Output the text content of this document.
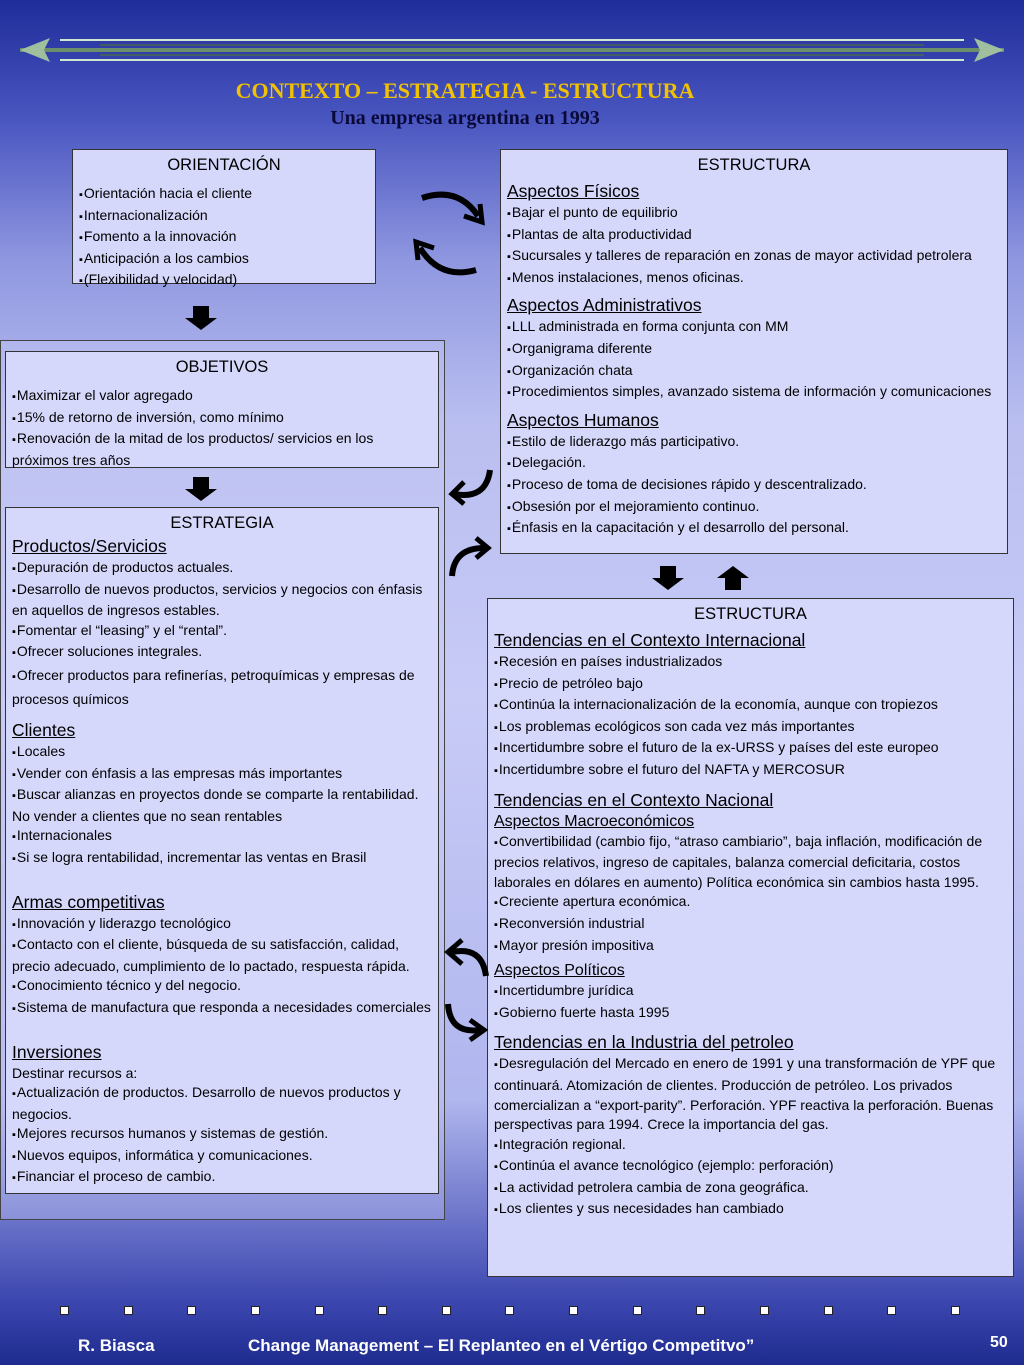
CONTEXTO – ESTRATEGIA - ESTRUCTURA
Una empresa argentina en 1993
ORIENTACIÓN
▪ Orientación hacia el cliente
▪ Internacionalización
▪ Fomento a la innovación
▪ Anticipación a los cambios
▪ (Flexibilidad y velocidad)
OBJETIVOS
▪ Maximizar el valor agregado
▪ 15% de retorno de inversión, como mínimo
▪ Renovación de la mitad de los productos/ servicios en los próximos tres años
ESTRATEGIA
Productos/Servicios
▪ Depuración de productos actuales.
▪ Desarrollo de nuevos productos, servicios y negocios con énfasis en aquellos de ingresos estables.
▪ Fomentar el “leasing” y el “rental”.
▪ Ofrecer soluciones integrales.
▪ Ofrecer productos para refinerías, petroquímicas y empresas de procesos químicos
Clientes
▪ Locales
▪ Vender con énfasis a las empresas más importantes
▪ Buscar alianzas en proyectos donde se comparte la rentabilidad. No vender a clientes que no sean rentables
▪ Internacionales
▪ Si se logra rentabilidad, incrementar las ventas en Brasil
Armas competitivas
▪ Innovación y liderazgo tecnológico
▪ Contacto con el cliente, búsqueda de su satisfacción, calidad, precio adecuado, cumplimiento de lo pactado, respuesta rápida.
▪ Conocimiento técnico y del negocio.
▪ Sistema de manufactura que responda a necesidades comerciales
Inversiones
Destinar recursos a:
▪ Actualización de productos. Desarrollo de nuevos productos y negocios.
▪ Mejores recursos humanos y sistemas de gestión.
▪ Nuevos equipos, informática y comunicaciones.
▪ Financiar el proceso de cambio.
ESTRUCTURA
Aspectos Físicos
▪ Bajar el punto de equilibrio
▪ Plantas de alta productividad
▪ Sucursales y talleres de reparación en zonas de mayor actividad petrolera
▪ Menos instalaciones, menos oficinas.
Aspectos Administrativos
▪ LLL administrada en forma conjunta con MM
▪ Organigrama diferente
▪ Organización chata
▪ Procedimientos simples, avanzado sistema de información y comunicaciones
Aspectos Humanos
▪ Estilo de liderazgo más participativo.
▪ Delegación.
▪ Proceso de toma de decisiones rápido y descentralizado.
▪ Obsesión por el mejoramiento continuo.
▪ Énfasis en la capacitación y el desarrollo del personal.
ESTRUCTURA
Tendencias en el Contexto Internacional
▪ Recesión en países industrializados
▪ Precio de petróleo bajo
▪ Continúa la internacionalización de la economía, aunque con tropiezos
▪ Los problemas ecológicos son cada vez más importantes
▪ Incertidumbre sobre el futuro de la ex-URSS y países del este europeo
▪ Incertidumbre sobre el futuro del NAFTA y MERCOSUR
Tendencias en el Contexto Nacional
Aspectos Macroeconómicos
▪ Convertibilidad (cambio fijo, “atraso cambiario”, baja inflación, modificación de precios relativos, ingreso de capitales, balanza comercial deficitaria, costos laborales en dólares en aumento) Política económica sin cambios hasta 1995.
▪ Creciente apertura económica.
▪ Reconversión industrial
▪ Mayor presión impositiva
Aspectos Políticos
▪ Incertidumbre jurídica
▪ Gobierno fuerte hasta 1995
Tendencias en la Industria del petroleo
▪ Desregulación del Mercado en enero de 1991 y una transformación de YPF que continuará. Atomización de clientes. Producción de petróleo. Los privados comercializan a “export-parity”. Perforación. YPF reactiva la perforación. Buenas perspectivas para 1994. Crece la importancia del gas.
▪ Integración regional.
▪ Continúa el avance tecnológico (ejemplo: perforación)
▪ La actividad petrolera cambia de zona geográfica.
▪ Los clientes y sus necesidades han cambiado
R. Biasca	Change Management – El Replanteo en el Vértigo Competitvo”	50
